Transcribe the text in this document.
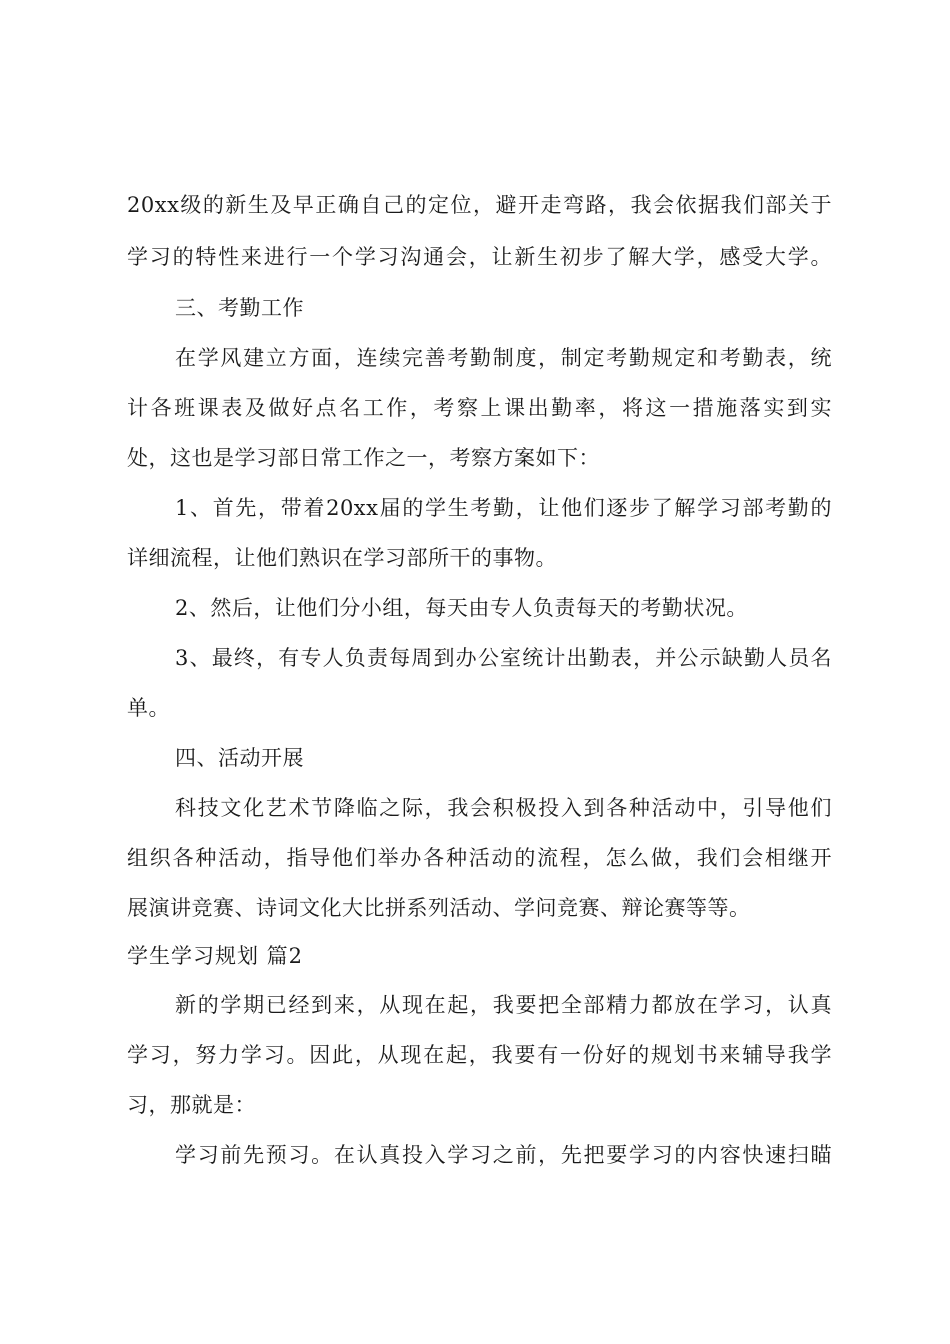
20xx级的新生及早正确自己的定位，避开走弯路，我会依据我们部关于
学习的特性来进行一个学习沟通会，让新生初步了解大学，感受大学。
三、考勤工作
在学风建立方面，连续完善考勤制度，制定考勤规定和考勤表，统
计各班课表及做好点名工作，考察上课出勤率，将这一措施落实到实
处，这也是学习部日常工作之一，考察方案如下：
1、首先，带着20xx届的学生考勤，让他们逐步了解学习部考勤的
详细流程，让他们熟识在学习部所干的事物。
2、然后，让他们分小组，每天由专人负责每天的考勤状况。
3、最终，有专人负责每周到办公室统计出勤表，并公示缺勤人员名
单。
四、活动开展
科技文化艺术节降临之际，我会积极投入到各种活动中，引导他们
组织各种活动，指导他们举办各种活动的流程，怎么做，我们会相继开
展演讲竞赛、诗词文化大比拼系列活动、学问竞赛、辩论赛等等。
学生学习规划 篇2
新的学期已经到来，从现在起，我要把全部精力都放在学习，认真
学习，努力学习。因此，从现在起，我要有一份好的规划书来辅导我学
习，那就是：
学习前先预习。在认真投入学习之前，先把要学习的内容快速扫瞄
